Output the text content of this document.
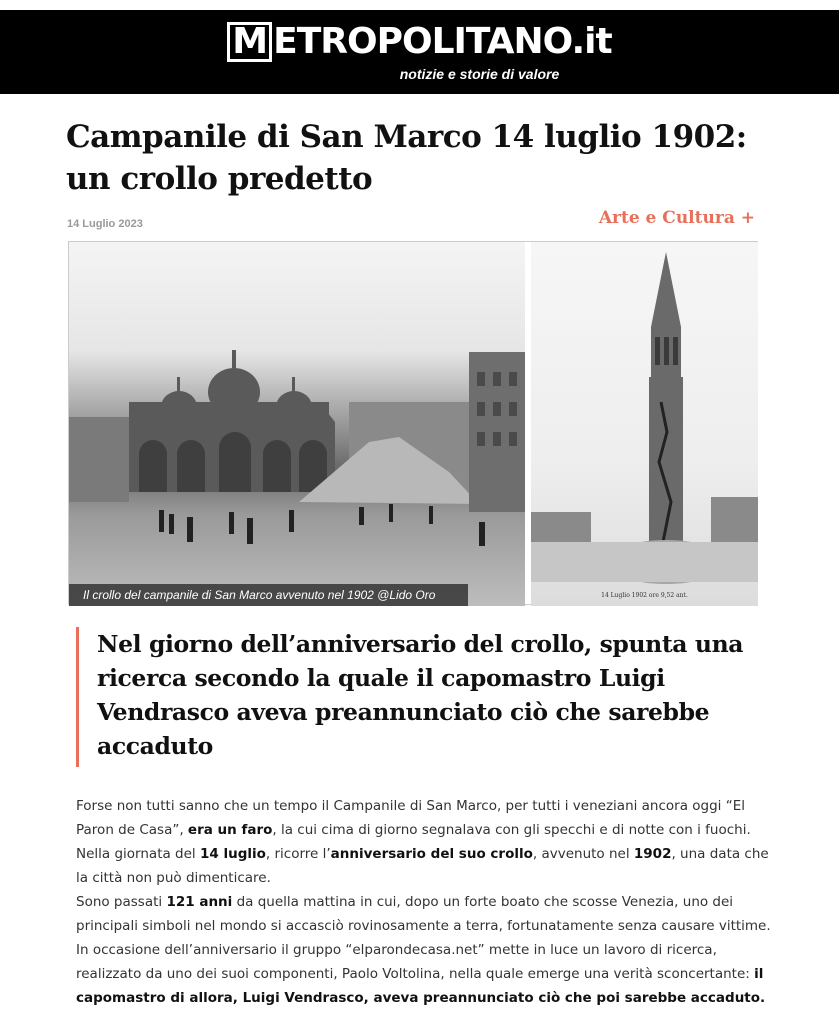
M ETROPOLITANO.it
notizie e storie di valore
Campanile di San Marco 14 luglio 1902: un crollo predetto
14 Luglio 2023	Arte e Cultura +
Il crollo del campanile di San Marco avvenuto nel 1902 @Lido Oro Benon
14 Luglio 1902 ore 9,52 ant.

Nel giorno dell’anniversario del crollo, spunta una ricerca secondo la quale il capomastro Luigi Vendrasco aveva preannunciato ciò che sarebbe accaduto

Forse non tutti sanno che un tempo il Campanile di San Marco, per tutti i veneziani ancora oggi “El Paron de Casa”, era un faro, la cui cima di giorno segnalava con gli specchi e di notte con i fuochi.

Nella giornata del 14 luglio, ricorre l’anniversario del suo crollo, avvenuto nel 1902, una data che la città non può dimenticare.

Sono passati 121 anni da quella mattina in cui, dopo un forte boato che scosse Venezia, uno dei principali simboli nel mondo si accasciò rovinosamente a terra, fortunatamente senza causare vittime.

In occasione dell’anniversario il gruppo “elparondecasa.net” mette in luce un lavoro di ricerca, realizzato da uno dei suoi componenti, Paolo Voltolina, nella quale emerge una verità sconcertante: il capomastro di allora, Luigi Vendrasco, aveva preannunciato ciò che poi sarebbe accaduto.
